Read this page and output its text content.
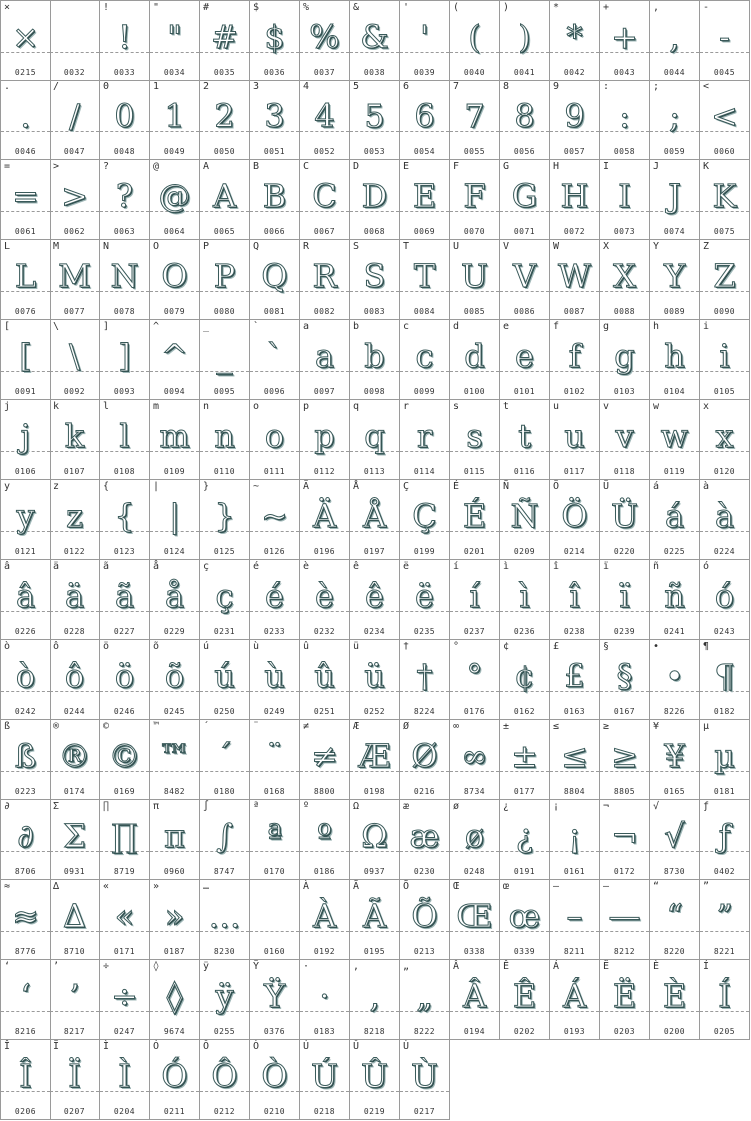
×
×
0215	0032
!
!
0033
"
"
0034
#
#
0035
$
$
0036
%
%
0037
&
&
0038
'
'
0039
(
(
0040
)
)
0041
*
*
0042
+
+
0043
,
,
0044
-
-
0045
.
.
0046
/
/
0047
0
0
0048
1
1
0049
2
2
0050
3
3
0051
4
4
0052
5
5
0053
6
6
0054
7
7
0055
8
8
0056
9
9
0057
:
:
0058
;
;
0059
<
<
0060
=
=
0061
>
>
0062
?
?
0063
@
@
0064
A
A
0065
B
B
0066
C
C
0067
D
D
0068
E
E
0069
F
F
0070
G
G
0071
H
H
0072
I
I
0073
J
J
0074
K
K
0075
L
L
0076
M
M
0077
N
N
0078
O
O
0079
P
P
0080
Q
Q
0081
R
R
0082
S
S
0083
T
T
0084
U
U
0085
V
V
0086
W
W
0087
X
X
0088
Y
Y
0089
Z
Z
0090
[
[
0091
\
\
0092
]
]
0093
^
^
0094
_
_
0095
`
`
0096
a
a
0097
b
b
0098
c
c
0099
d
d
0100
e
e
0101
f
f
0102
g
g
0103
h
h
0104
i
i
0105
j
j
0106
k
k
0107
l
l
0108
m
m
0109
n
n
0110
o
o
0111
p
p
0112
q
q
0113
r
r
0114
s
s
0115
t
t
0116
u
u
0117
v
v
0118
w
w
0119
x
x
0120
y
y
0121
z
z
0122
{
{
0123
|
|
0124
}
}
0125
~
~
0126
Ä
Ä
0196
Å
Å
0197
Ç
Ç
0199
É
É
0201
Ñ
Ñ
0209
Ö
Ö
0214
Ü
Ü
0220
á
á
0225
à
à
0224
â
â
0226
ä
ä
0228
ã
ã
0227
å
å
0229
ç
ç
0231
é
é
0233
è
è
0232
ê
ê
0234
ë
ë
0235
í
í
0237
ì
ì
0236
î
î
0238
ï
ï
0239
ñ
ñ
0241
ó
ó
0243
ò
ò
0242
ô
ô
0244
ö
ö
0246
õ
õ
0245
ú
ú
0250
ù
ù
0249
û
û
0251
ü
ü
0252
†
†
8224
°
°
0176
¢
¢
0162
£
£
0163
§
§
0167
•
•
8226
¶
¶
0182
ß
ß
0223
®
®
0174
©
©
0169
™
™
8482
´
´
0180
¨
¨
0168
≠
≠
8800
Æ
Æ
0198
Ø
Ø
0216
∞
∞
8734
±
±
0177
≤
≤
8804
≥
≥
8805
¥
¥
0165
µ
µ
0181
∂
∂
8706
Σ
Σ
0931
∏
∏
8719
π
π
0960
∫
∫
8747
ª
ª
0170
º
º
0186
Ω
Ω
0937
æ
æ
0230
ø
ø
0248
¿
¿
0191
¡
¡
0161
¬
¬
0172
√
√
8730
ƒ
ƒ
0402
≈
≈
8776
∆
∆
8710
«
«
0171
»
»
0187
…
…
8230	0160
À
À
0192
Ã
Ã
0195
Õ
Õ
0213
Œ
Œ
0338
œ
œ
0339
–
–
8211
—
—
8212
“
“
8220
”
”
8221
‘
‘
8216
’
’
8217
÷
÷
0247
◊
◊
9674
ÿ
ÿ
0255
Ÿ
Ÿ
0376
·
·
0183
‚
‚
8218
„
„
8222
Â
Â
0194
Ê
Ê
0202
Á
Á
0193
Ë
Ë
0203
È
È
0200
Í
Í
0205
Î
Î
0206
Ï
Ï
0207
Ì
Ì
0204
Ó
Ó
0211
Ô
Ô
0212
Ò
Ò
0210
Ú
Ú
0218
Û
Û
0219
Ù
Ù
0217
